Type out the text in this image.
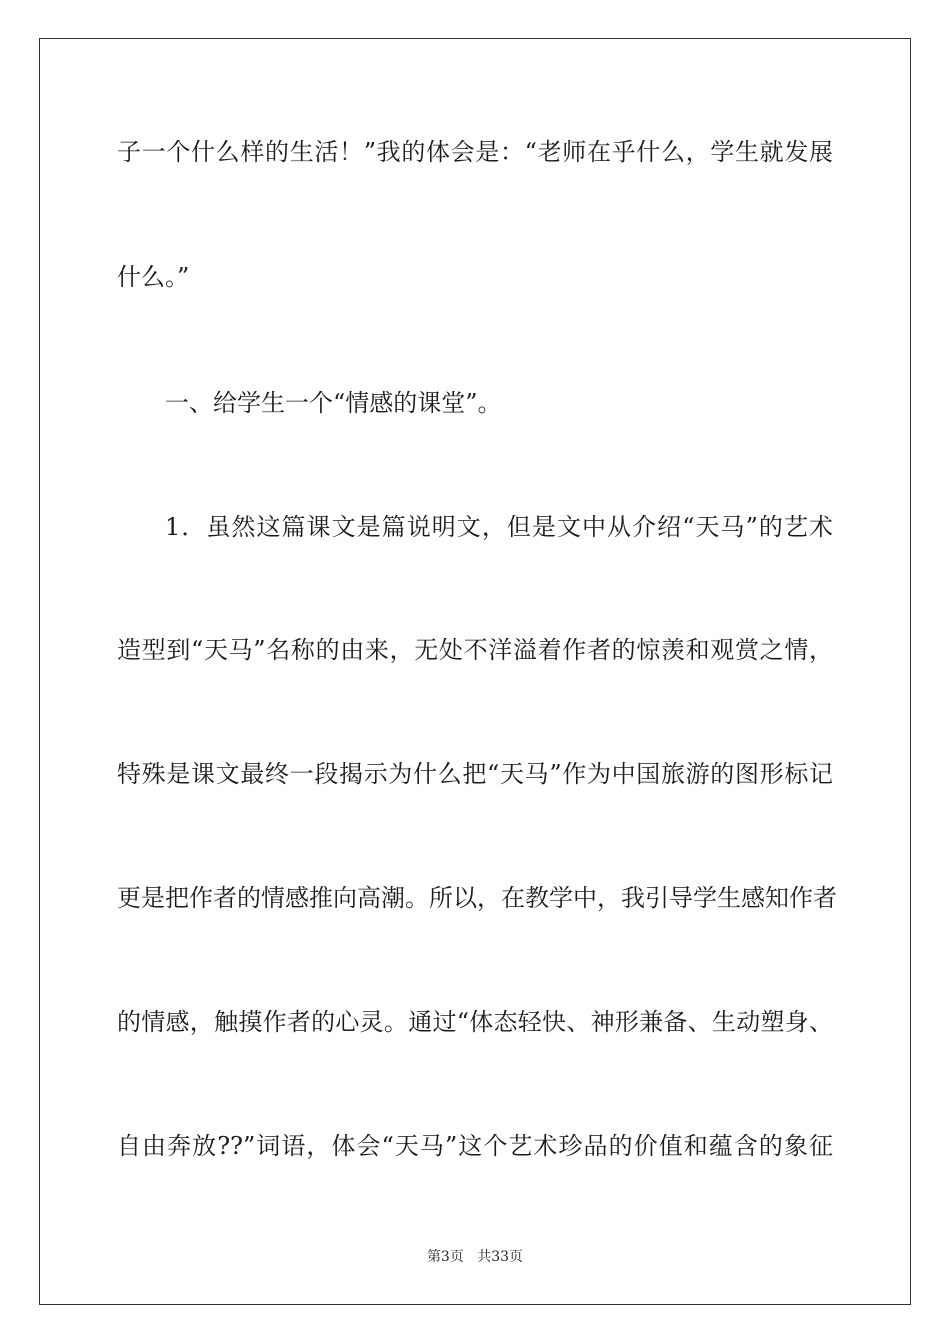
子一个什么样的生活！”我的体会是：“老师在乎什么，学生就发展
什么。”
一、给学生一个“情感的课堂”。
1．虽然这篇课文是篇说明文，但是文中从介绍“天马”的艺术
造型到“天马”名称的由来，无处不洋溢着作者的惊羡和观赏之情，
特殊是课文最终一段揭示为什么把“天马”作为中国旅游的图形标记
更是把作者的情感推向高潮。所以，在教学中，我引导学生感知作者
的情感，触摸作者的心灵。通过“体态轻快、神形兼备、生动塑身、
自由奔放??”词语，体会“天马”这个艺术珍品的价值和蕴含的象征
第3页 共33页
